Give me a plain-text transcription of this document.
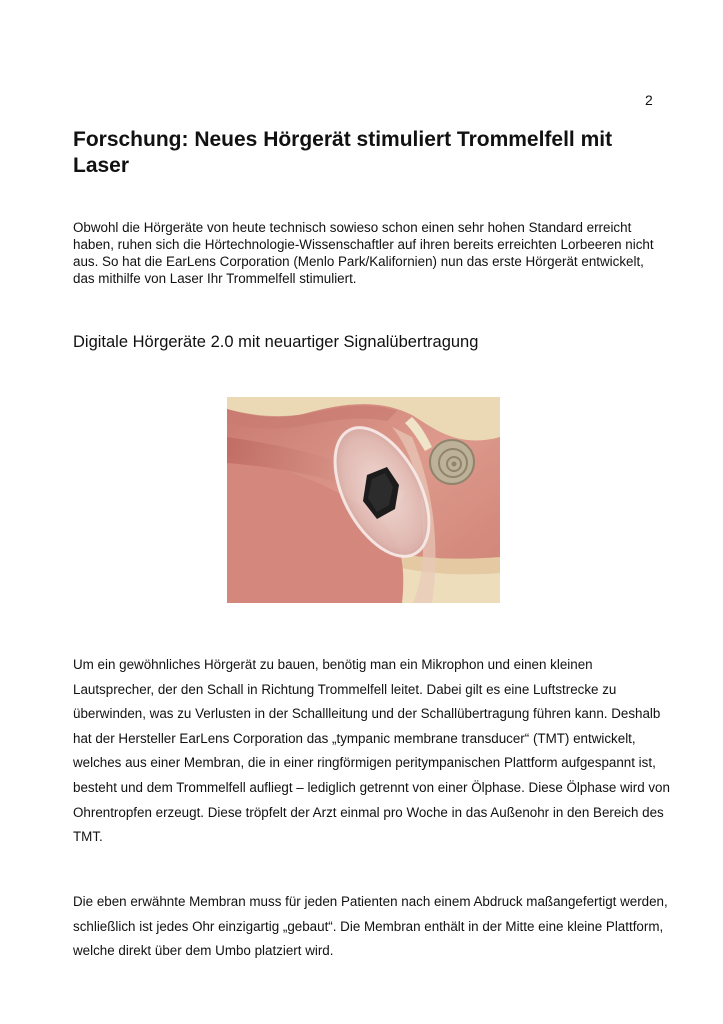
2
Forschung: Neues Hörgerät stimuliert Trommelfell mit Laser

Obwohl die Hörgeräte von heute technisch sowieso schon einen sehr hohen Standard erreicht haben, ruhen sich die Hörtechnologie-Wissenschaftler auf ihren bereits erreichten Lorbeeren nicht aus. So hat die EarLens Corporation (Menlo Park/Kalifornien) nun das erste Hörgerät entwickelt, das mithilfe von Laser Ihr Trommelfell stimuliert.

Digitale Hörgeräte 2.0 mit neuartiger Signalübertragung

Um ein gewöhnliches Hörgerät zu bauen, benötig man ein Mikrophon und einen kleinen Lautsprecher, der den Schall in Richtung Trommelfell leitet. Dabei gilt es eine Luftstrecke zu überwinden, was zu Verlusten in der Schallleitung und der Schallübertragung führen kann. Deshalb hat der Hersteller EarLens Corporation das „tympanic membrane transducer“ (TMT) entwickelt, welches aus einer Membran, die in einer ringförmigen peritympanischen Plattform aufgespannt ist, besteht und dem Trommelfell aufliegt – lediglich getrennt von einer Ölphase. Diese Ölphase wird von Ohrentropfen erzeugt. Diese tröpfelt der Arzt einmal pro Woche in das Außenohr in den Bereich des TMT.

Die eben erwähnte Membran muss für jeden Patienten nach einem Abdruck maßangefertigt werden, schließlich ist jedes Ohr einzigartig „gebaut“. Die Membran enthält in der Mitte eine kleine Plattform, welche direkt über dem Umbo platziert wird.
